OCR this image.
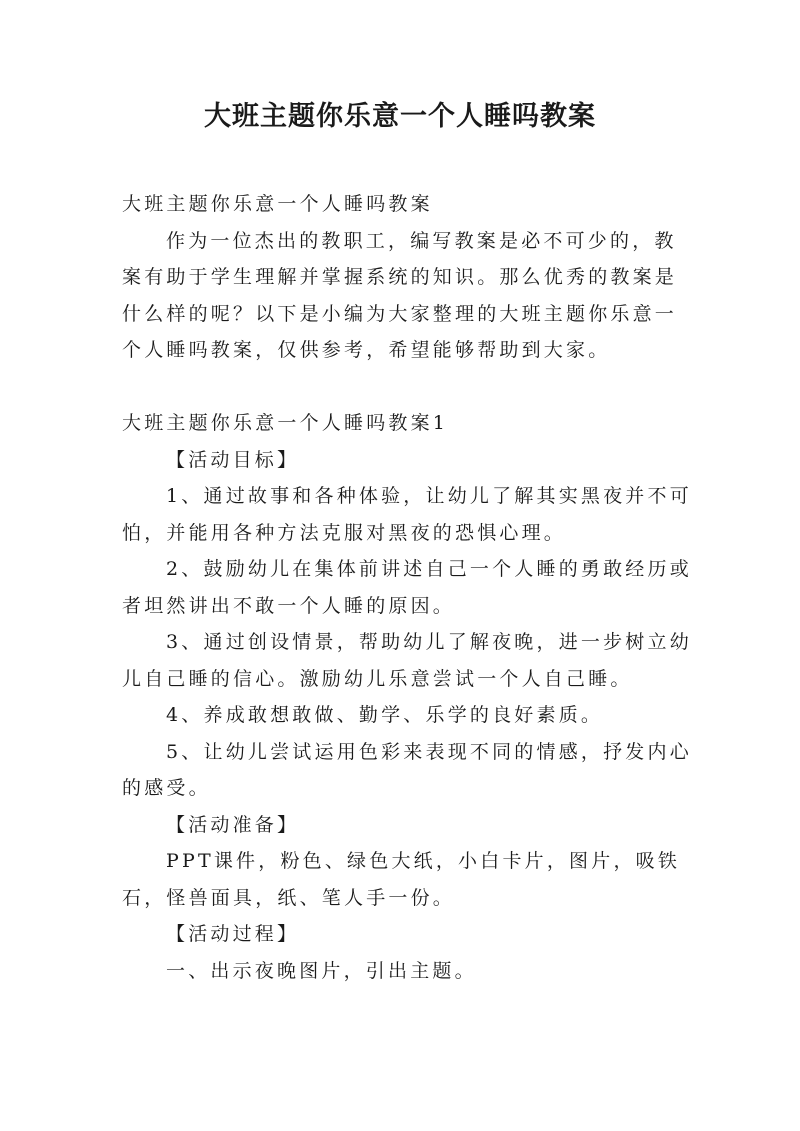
大班主题你乐意一个人睡吗教案

大班主题你乐意一个人睡吗教案

作为一位杰出的教职工，编写教案是必不可少的，教案有助于学生理解并掌握系统的知识。那么优秀的教案是什么样的呢？以下是小编为大家整理的大班主题你乐意一个人睡吗教案，仅供参考，希望能够帮助到大家。

大班主题你乐意一个人睡吗教案1

【活动目标】

1、通过故事和各种体验，让幼儿了解其实黑夜并不可怕，并能用各种方法克服对黑夜的恐惧心理。

2、鼓励幼儿在集体前讲述自己一个人睡的勇敢经历或者坦然讲出不敢一个人睡的原因。

3、通过创设情景，帮助幼儿了解夜晚，进一步树立幼儿自己睡的信心。激励幼儿乐意尝试一个人自己睡。

4、养成敢想敢做、勤学、乐学的良好素质。

5、让幼儿尝试运用色彩来表现不同的情感，抒发内心的感受。

【活动准备】

PPT课件，粉色、绿色大纸，小白卡片，图片，吸铁石，怪兽面具，纸、笔人手一份。

【活动过程】

一、出示夜晚图片，引出主题。
